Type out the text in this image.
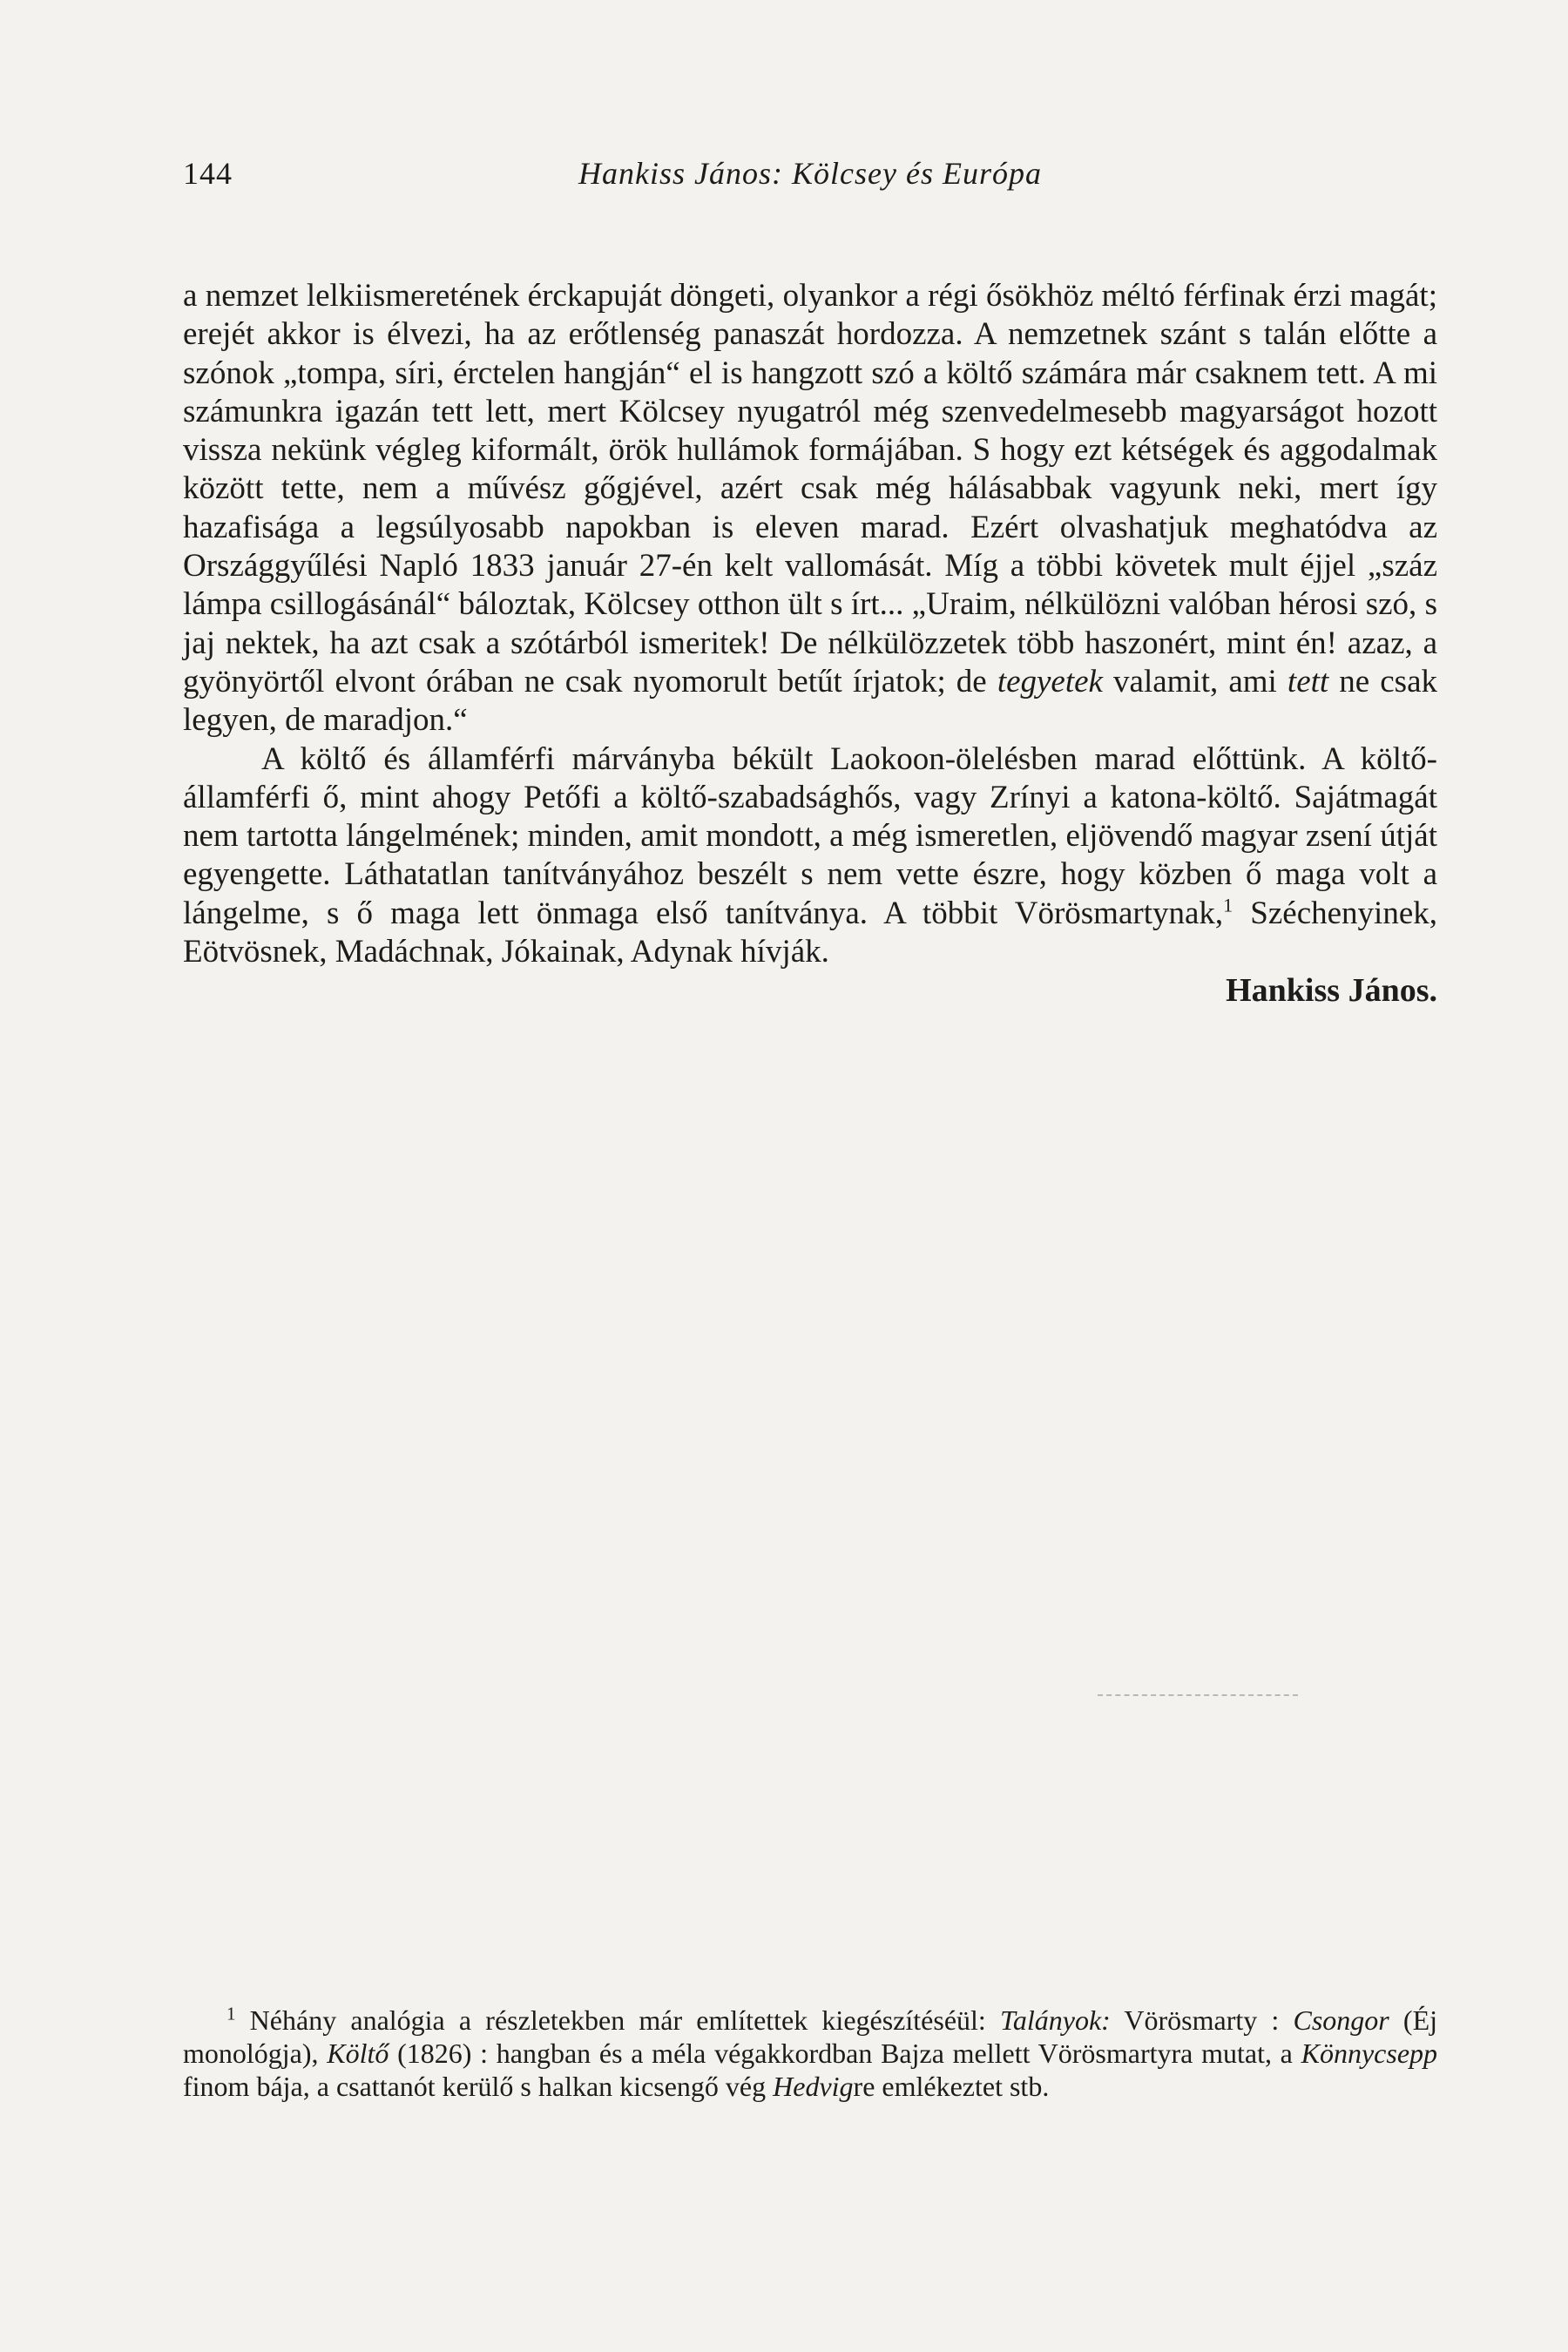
144	Hankiss János: Kölcsey és Európa

a nemzet lelkiismeretének érckapuját döngeti, olyankor a régi ősökhöz méltó férfinak érzi magát; erejét akkor is élvezi, ha az erőtlenség panaszát hordozza. A nemzetnek szánt s talán előtte a szónok „tompa, síri, érctelen hangján“ el is hangzott szó a költő számára már csaknem tett. A mi számunkra igazán tett lett, mert Kölcsey nyugatról még szenvedelmesebb magyarságot hozott vissza nekünk végleg kiformált, örök hullámok formájában. S hogy ezt kétségek és aggodalmak között tette, nem a művész gőgjével, azért csak még hálásabbak vagyunk neki, mert így hazafisága a legsúlyosabb napokban is eleven marad. Ezért olvashatjuk meghatódva az Országgyűlési Napló 1833 január 27-én kelt vallomását. Míg a többi követek mult éjjel „száz lámpa csillogásánál“ báloztak, Kölcsey otthon ült s írt... „Uraim, nélkülözni valóban hérosi szó, s jaj nektek, ha azt csak a szótárból ismeritek! De nélkülözzetek több haszonért, mint én! azaz, a gyönyörtől elvont órában ne csak nyomorult betűt írjatok; de tegyetek valamit, ami tett ne csak legyen, de maradjon.“

A költő és államférfi márványba békült Laokoon-ölelésben marad előttünk. A költő-államférfi ő, mint ahogy Petőfi a költő-szabadsághős, vagy Zrínyi a katona-költő. Sajátmagát nem tartotta lángelmének; minden, amit mondott, a még ismeretlen, eljövendő magyar zsení útját egyengette. Láthatatlan tanítványához beszélt s nem vette észre, hogy közben ő maga volt a lángelme, s ő maga lett önmaga első tanítványa. A többit Vörösmartynak,$^1$ Széchenyinek, Eötvösnek, Madáchnak, Jókainak, Adynak hívják.

Hankiss János.

$^1$ Néhány analógia a részletekben már említettek kiegészítéséül: Talányok: Vörösmarty : Csongor (Éj monológja), Költő (1826) : hangban és a méla végakkordban Bajza mellett Vörösmartyra mutat, a Könnycsepp finom bája, a csattanót kerülő s halkan kicsengő vég Hedvigre emlékeztet stb.
